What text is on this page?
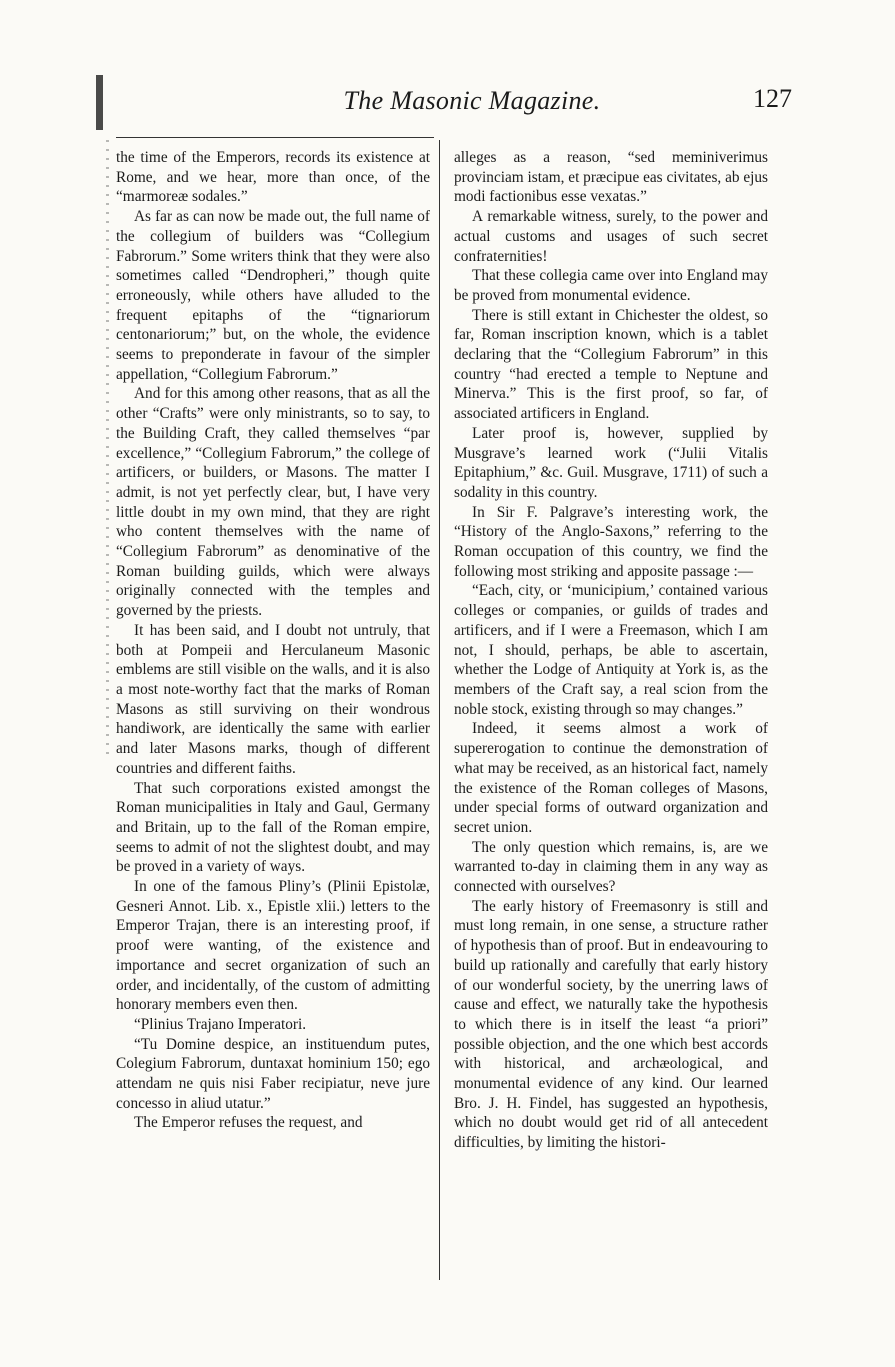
The Masonic Magazine.	127

the time of the Emperors, records its existence at Rome, and we hear, more than once, of the “marmoreæ sodales.”

As far as can now be made out, the full name of the collegium of builders was “Collegium Fabrorum.” Some writers think that they were also sometimes called “Dendropheri,” though quite erroneously, while others have alluded to the frequent epitaphs of the “tignariorum centonariorum;” but, on the whole, the evidence seems to preponderate in favour of the simpler appellation, “Collegium Fabrorum.”

And for this among other reasons, that as all the other “Crafts” were only ministrants, so to say, to the Building Craft, they called themselves “par excellence,” “Collegium Fabrorum,” the college of artificers, or builders, or Masons. The matter I admit, is not yet perfectly clear, but, I have very little doubt in my own mind, that they are right who content themselves with the name of “Collegium Fabrorum” as denominative of the Roman building guilds, which were always originally connected with the temples and governed by the priests.

It has been said, and I doubt not untruly, that both at Pompeii and Herculaneum Masonic emblems are still visible on the walls, and it is also a most note-worthy fact that the marks of Roman Masons as still surviving on their wondrous handiwork, are identically the same with earlier and later Masons marks, though of different countries and different faiths.

That such corporations existed amongst the Roman municipalities in Italy and Gaul, Germany and Britain, up to the fall of the Roman empire, seems to admit of not the slightest doubt, and may be proved in a variety of ways.

In one of the famous Pliny’s (Plinii Epistolæ, Gesneri Annot. Lib. x., Epistle xlii.) letters to the Emperor Trajan, there is an interesting proof, if proof were wanting, of the existence and importance and secret organization of such an order, and incidentally, of the custom of admitting honorary members even then.

“Plinius Trajano Imperatori.

“Tu Domine despice, an instituendum putes, Colegium Fabrorum, duntaxat hominium 150; ego attendam ne quis nisi Faber recipiatur, neve jure concesso in aliud utatur.”

The Emperor refuses the request, and

alleges as a reason, “sed meminiverimus provinciam istam, et præcipue eas civitates, ab ejus modi factionibus esse vexatas.”

A remarkable witness, surely, to the power and actual customs and usages of such secret confraternities!

That these collegia came over into England may be proved from monumental evidence.

There is still extant in Chichester the oldest, so far, Roman inscription known, which is a tablet declaring that the “Collegium Fabrorum” in this country “had erected a temple to Neptune and Minerva.” This is the first proof, so far, of associated artificers in England.

Later proof is, however, supplied by Musgrave’s learned work (“Julii Vitalis Epitaphium,” &c. Guil. Musgrave, 1711) of such a sodality in this country.

In Sir F. Palgrave’s interesting work, the “History of the Anglo-Saxons,” referring to the Roman occupation of this country, we find the following most striking and apposite passage :—

“Each, city, or ‘municipium,’ contained various colleges or companies, or guilds of trades and artificers, and if I were a Freemason, which I am not, I should, perhaps, be able to ascertain, whether the Lodge of Antiquity at York is, as the members of the Craft say, a real scion from the noble stock, existing through so may changes.”

Indeed, it seems almost a work of supererogation to continue the demonstration of what may be received, as an historical fact, namely the existence of the Roman colleges of Masons, under special forms of outward organization and secret union.

The only question which remains, is, are we warranted to-day in claiming them in any way as connected with ourselves?

The early history of Freemasonry is still and must long remain, in one sense, a structure rather of hypothesis than of proof. But in endeavouring to build up rationally and carefully that early history of our wonderful society, by the unerring laws of cause and effect, we naturally take the hypothesis to which there is in itself the least “a priori” possible objection, and the one which best accords with historical, and archæological, and monumental evidence of any kind. Our learned Bro. J. H. Findel, has suggested an hypothesis, which no doubt would get rid of all antecedent difficulties, by limiting the histori-
